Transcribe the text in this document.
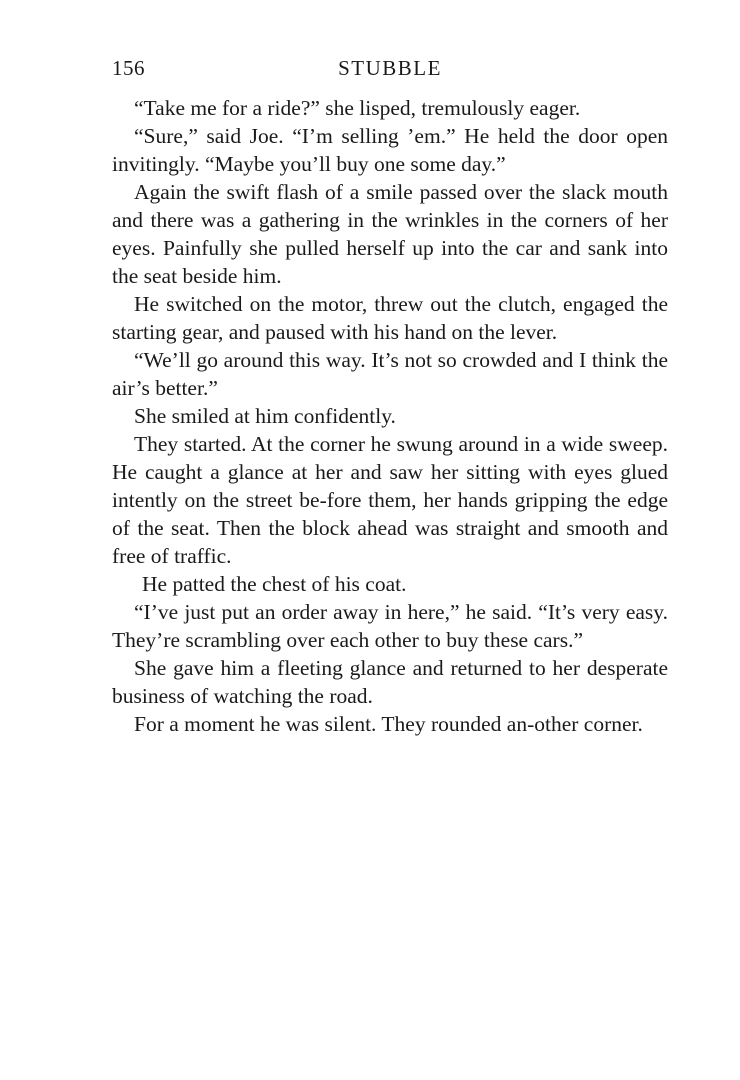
156	STUBBLE

“Take me for a ride?” she lisped, tremulously eager.

“Sure,” said Joe. “I’m selling ’em.” He held the door open invitingly. “Maybe you’ll buy one some day.”

Again the swift flash of a smile passed over the slack mouth and there was a gathering in the wrinkles in the corners of her eyes. Painfully she pulled herself up into the car and sank into the seat beside him.

He switched on the motor, threw out the clutch, engaged the starting gear, and paused with his hand on the lever.

“We’ll go around this way. It’s not so crowded and I think the air’s better.”

She smiled at him confidently.

They started. At the corner he swung around in a wide sweep. He caught a glance at her and saw her sitting with eyes glued intently on the street be-fore them, her hands gripping the edge of the seat. Then the block ahead was straight and smooth and free of traffic.

He patted the chest of his coat.

“I’ve just put an order away in here,” he said. “It’s very easy. They’re scrambling over each other to buy these cars.”

She gave him a fleeting glance and returned to her desperate business of watching the road.

For a moment he was silent. They rounded an-other corner.
